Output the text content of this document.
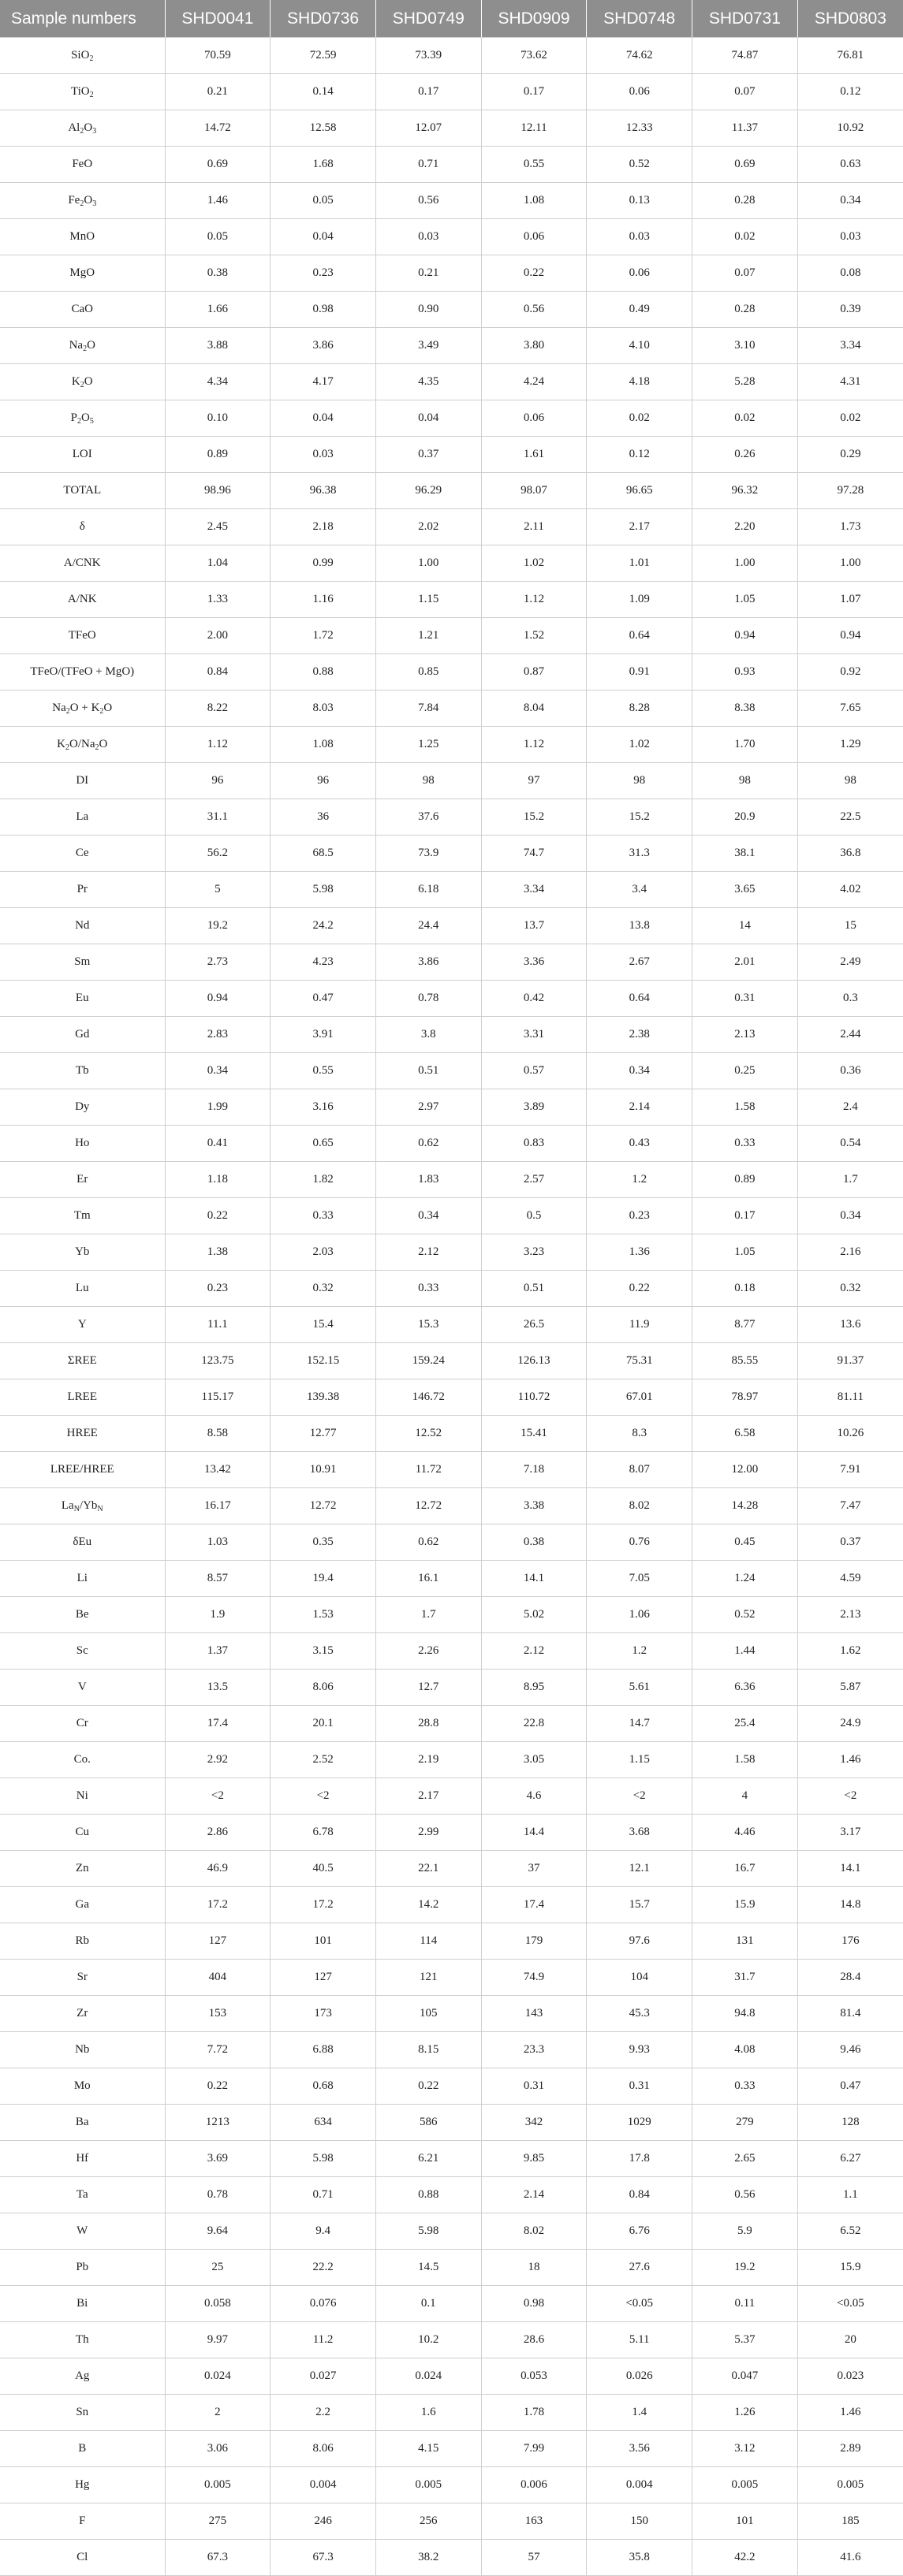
Sample numbers	SHD0041	SHD0736	SHD0749	SHD0909	SHD0748	SHD0731	SHD0803
SiO$_2$	70.59	72.59	73.39	73.62	74.62	74.87	76.81
TiO$_2$	0.21	0.14	0.17	0.17	0.06	0.07	0.12
$Al_2O_3$	14.72	12.58	12.07	12.11	12.33	11.37	10.92
FeO	0.69	1.68	0.71	0.55	0.52	0.69	0.63
$Fe_2O_3$	1.46	0.05	0.56	1.08	0.13	0.28	0.34
MnO	0.05	0.04	0.03	0.06	0.03	0.02	0.03
MgO	0.38	0.23	0.21	0.22	0.06	0.07	0.08
CaO	1.66	0.98	0.90	0.56	0.49	0.28	0.39
$Na_2O$	3.88	3.86	3.49	3.80	4.10	3.10	3.34
$K_2O$	4.34	4.17	4.35	4.24	4.18	5.28	4.31
$P_2O_5$	0.10	0.04	0.04	0.06	0.02	0.02	0.02
LOI	0.89	0.03	0.37	1.61	0.12	0.26	0.29
TOTAL	98.96	96.38	96.29	98.07	96.65	96.32	97.28
δ	2.45	2.18	2.02	2.11	2.17	2.20	1.73
A/CNK	1.04	0.99	1.00	1.02	1.01	1.00	1.00
A/NK	1.33	1.16	1.15	1.12	1.09	1.05	1.07
TFeO	2.00	1.72	1.21	1.52	0.64	0.94	0.94
TFeO/(TFeO + MgO)	0.84	0.88	0.85	0.87	0.91	0.93	0.92
$Na_2O + K_2O$	8.22	8.03	7.84	8.04	8.28	8.38	7.65
$K_2O/Na_2O$	1.12	1.08	1.25	1.12	1.02	1.70	1.29
DI	96	96	98	97	98	98	98
La	31.1	36	37.6	15.2	15.2	20.9	22.5
Ce	56.2	68.5	73.9	74.7	31.3	38.1	36.8
Pr	5	5.98	6.18	3.34	3.4	3.65	4.02
Nd	19.2	24.2	24.4	13.7	13.8	14	15
Sm	2.73	4.23	3.86	3.36	2.67	2.01	2.49
Eu	0.94	0.47	0.78	0.42	0.64	0.31	0.3
Gd	2.83	3.91	3.8	3.31	2.38	2.13	2.44
Tb	0.34	0.55	0.51	0.57	0.34	0.25	0.36
Dy	1.99	3.16	2.97	3.89	2.14	1.58	2.4
Ho	0.41	0.65	0.62	0.83	0.43	0.33	0.54
Er	1.18	1.82	1.83	2.57	1.2	0.89	1.7
Tm	0.22	0.33	0.34	0.5	0.23	0.17	0.34
Yb	1.38	2.03	2.12	3.23	1.36	1.05	2.16
Lu	0.23	0.32	0.33	0.51	0.22	0.18	0.32
Y	11.1	15.4	15.3	26.5	11.9	8.77	13.6
ΣREE	123.75	152.15	159.24	126.13	75.31	85.55	91.37
LREE	115.17	139.38	146.72	110.72	67.01	78.97	81.11
HREE	8.58	12.77	12.52	15.41	8.3	6.58	10.26
LREE/HREE	13.42	10.91	11.72	7.18	8.07	12.00	7.91
$La_N/Yb_N$	16.17	12.72	12.72	3.38	8.02	14.28	7.47
δEu	1.03	0.35	0.62	0.38	0.76	0.45	0.37
Li	8.57	19.4	16.1	14.1	7.05	1.24	4.59
Be	1.9	1.53	1.7	5.02	1.06	0.52	2.13
Sc	1.37	3.15	2.26	2.12	1.2	1.44	1.62
V	13.5	8.06	12.7	8.95	5.61	6.36	5.87
Cr	17.4	20.1	28.8	22.8	14.7	25.4	24.9
Co.	2.92	2.52	2.19	3.05	1.15	1.58	1.46
Ni	<2	<2	2.17	4.6	<2	4	<2
Cu	2.86	6.78	2.99	14.4	3.68	4.46	3.17
Zn	46.9	40.5	22.1	37	12.1	16.7	14.1
Ga	17.2	17.2	14.2	17.4	15.7	15.9	14.8
Rb	127	101	114	179	97.6	131	176
Sr	404	127	121	74.9	104	31.7	28.4
Zr	153	173	105	143	45.3	94.8	81.4
Nb	7.72	6.88	8.15	23.3	9.93	4.08	9.46
Mo	0.22	0.68	0.22	0.31	0.31	0.33	0.47
Ba	1213	634	586	342	1029	279	128
Hf	3.69	5.98	6.21	9.85	17.8	2.65	6.27
Ta	0.78	0.71	0.88	2.14	0.84	0.56	1.1
W	9.64	9.4	5.98	8.02	6.76	5.9	6.52
Pb	25	22.2	14.5	18	27.6	19.2	15.9
Bi	0.058	0.076	0.1	0.98	<0.05	0.11	<0.05
Th	9.97	11.2	10.2	28.6	5.11	5.37	20
Ag	0.024	0.027	0.024	0.053	0.026	0.047	0.023
Sn	2	2.2	1.6	1.78	1.4	1.26	1.46
B	3.06	8.06	4.15	7.99	3.56	3.12	2.89
Hg	0.005	0.004	0.005	0.006	0.004	0.005	0.005
F	275	246	256	163	150	101	185
Cl	67.3	67.3	38.2	57	35.8	42.2	41.6
